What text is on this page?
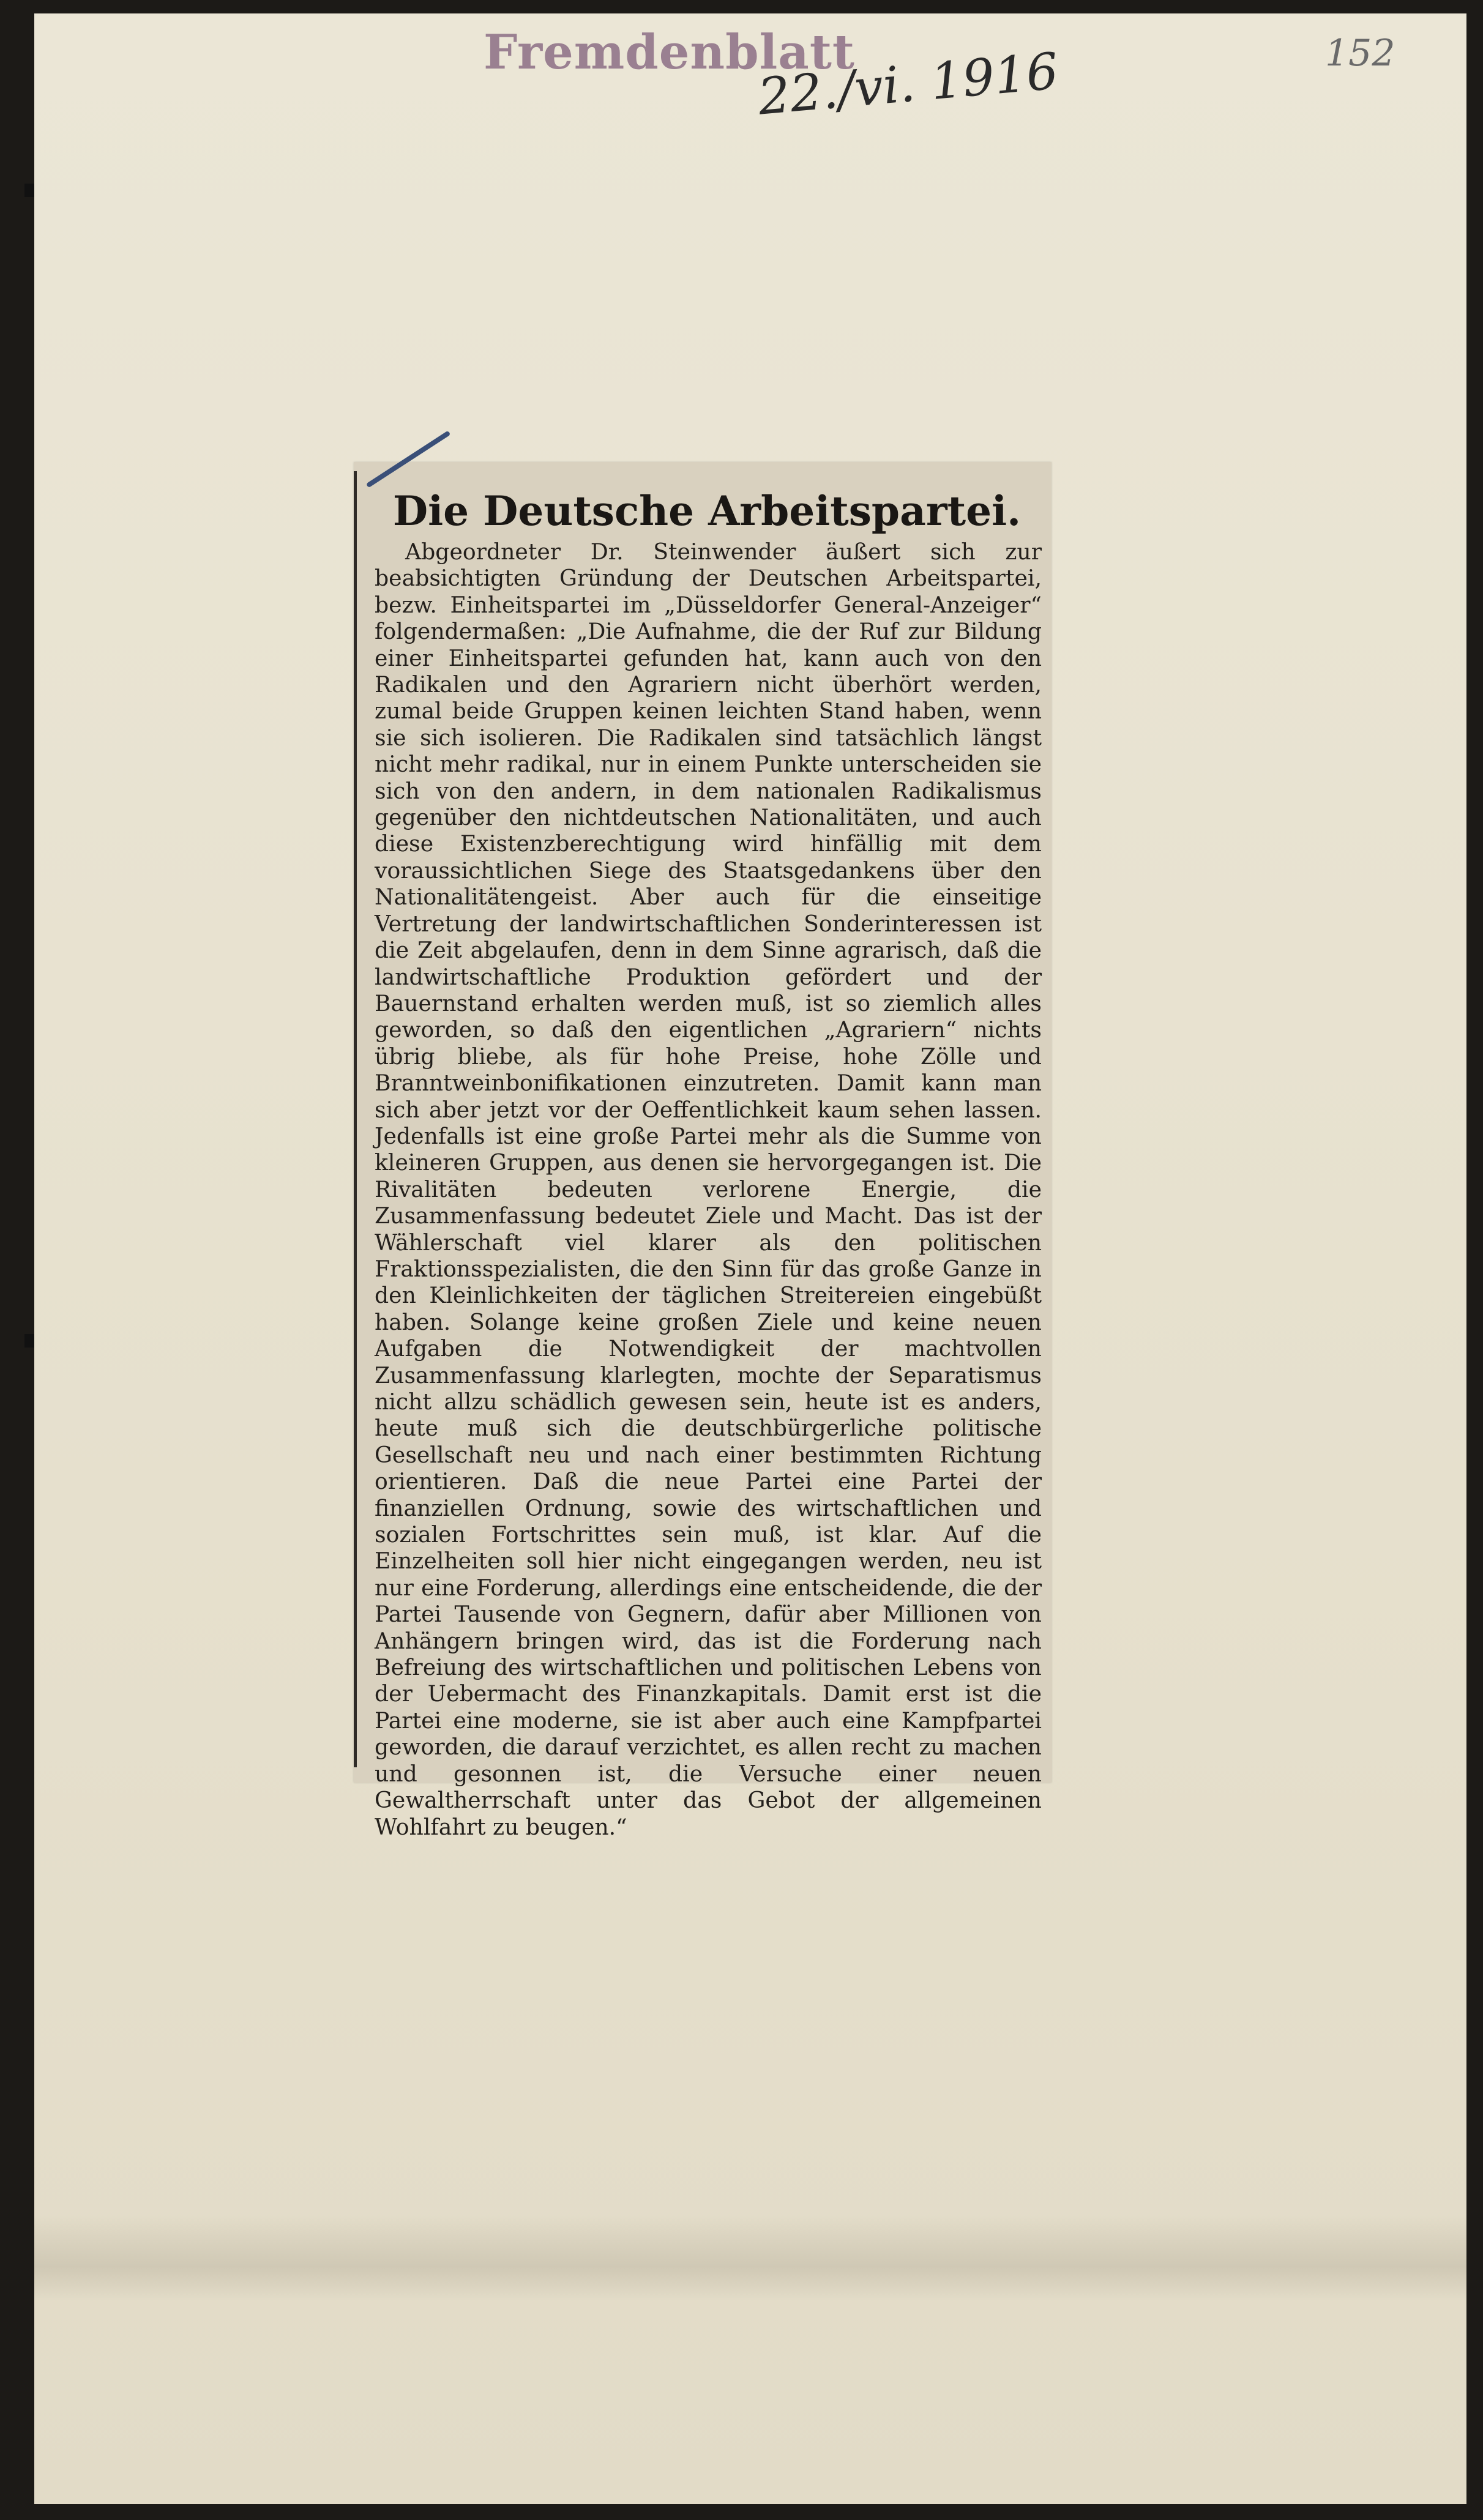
Fremdenblatt
22./vi. 1916	152
Die Deutsche Arbeitspartei.

Abgeordneter Dr. Steinwender äußert sich zur beabsichtigten Gründung der Deutschen Arbeitspartei, bezw. Einheitspartei im „Düsseldorfer General-Anzeiger“ folgendermaßen: „Die Aufnahme, die der Ruf zur Bildung einer Einheitspartei gefunden hat, kann auch von den Radikalen und den Agrariern nicht überhört werden, zumal beide Gruppen keinen leichten Stand haben, wenn sie sich isolieren. Die Radikalen sind tatsächlich längst nicht mehr radikal, nur in einem Punkte unterscheiden sie sich von den andern, in dem nationalen Radikalismus gegenüber den nichtdeutschen Nationalitäten, und auch diese Existenzberechtigung wird hinfällig mit dem voraussichtlichen Siege des Staatsgedankens über den Nationalitätengeist. Aber auch für die einseitige Vertretung der landwirtschaftlichen Sonderinteressen ist die Zeit abgelaufen, denn in dem Sinne agrarisch, daß die landwirtschaftliche Produktion gefördert und der Bauernstand erhalten werden muß, ist so ziemlich alles geworden, so daß den eigentlichen „Agrariern“ nichts übrig bliebe, als für hohe Preise, hohe Zölle und Branntweinbonifikationen einzutreten. Damit kann man sich aber jetzt vor der Oeffentlichkeit kaum sehen lassen. Jedenfalls ist eine große Partei mehr als die Summe von kleineren Gruppen, aus denen sie hervorgegangen ist. Die Rivalitäten bedeuten verlorene Energie, die Zusammenfassung bedeutet Ziele und Macht. Das ist der Wählerschaft viel klarer als den politischen Fraktionsspezialisten, die den Sinn für das große Ganze in den Kleinlichkeiten der täglichen Streitereien eingebüßt haben. Solange keine großen Ziele und keine neuen Aufgaben die Notwendigkeit der machtvollen Zusammenfassung klarlegten, mochte der Separatismus nicht allzu schädlich gewesen sein, heute ist es anders, heute muß sich die deutschbürgerliche politische Gesellschaft neu und nach einer bestimmten Richtung orientieren. Daß die neue Partei eine Partei der finanziellen Ordnung, sowie des wirtschaftlichen und sozialen Fortschrittes sein muß, ist klar. Auf die Einzelheiten soll hier nicht eingegangen werden, neu ist nur eine Forderung, allerdings eine entscheidende, die der Partei Tausende von Gegnern, dafür aber Millionen von Anhängern bringen wird, das ist die Forderung nach Befreiung des wirtschaftlichen und politischen Lebens von der Uebermacht des Finanzkapitals. Damit erst ist die Partei eine moderne, sie ist aber auch eine Kampfpartei geworden, die darauf verzichtet, es allen recht zu machen und gesonnen ist, die Versuche einer neuen Gewaltherrschaft unter das Gebot der allgemeinen Wohlfahrt zu beugen.“
